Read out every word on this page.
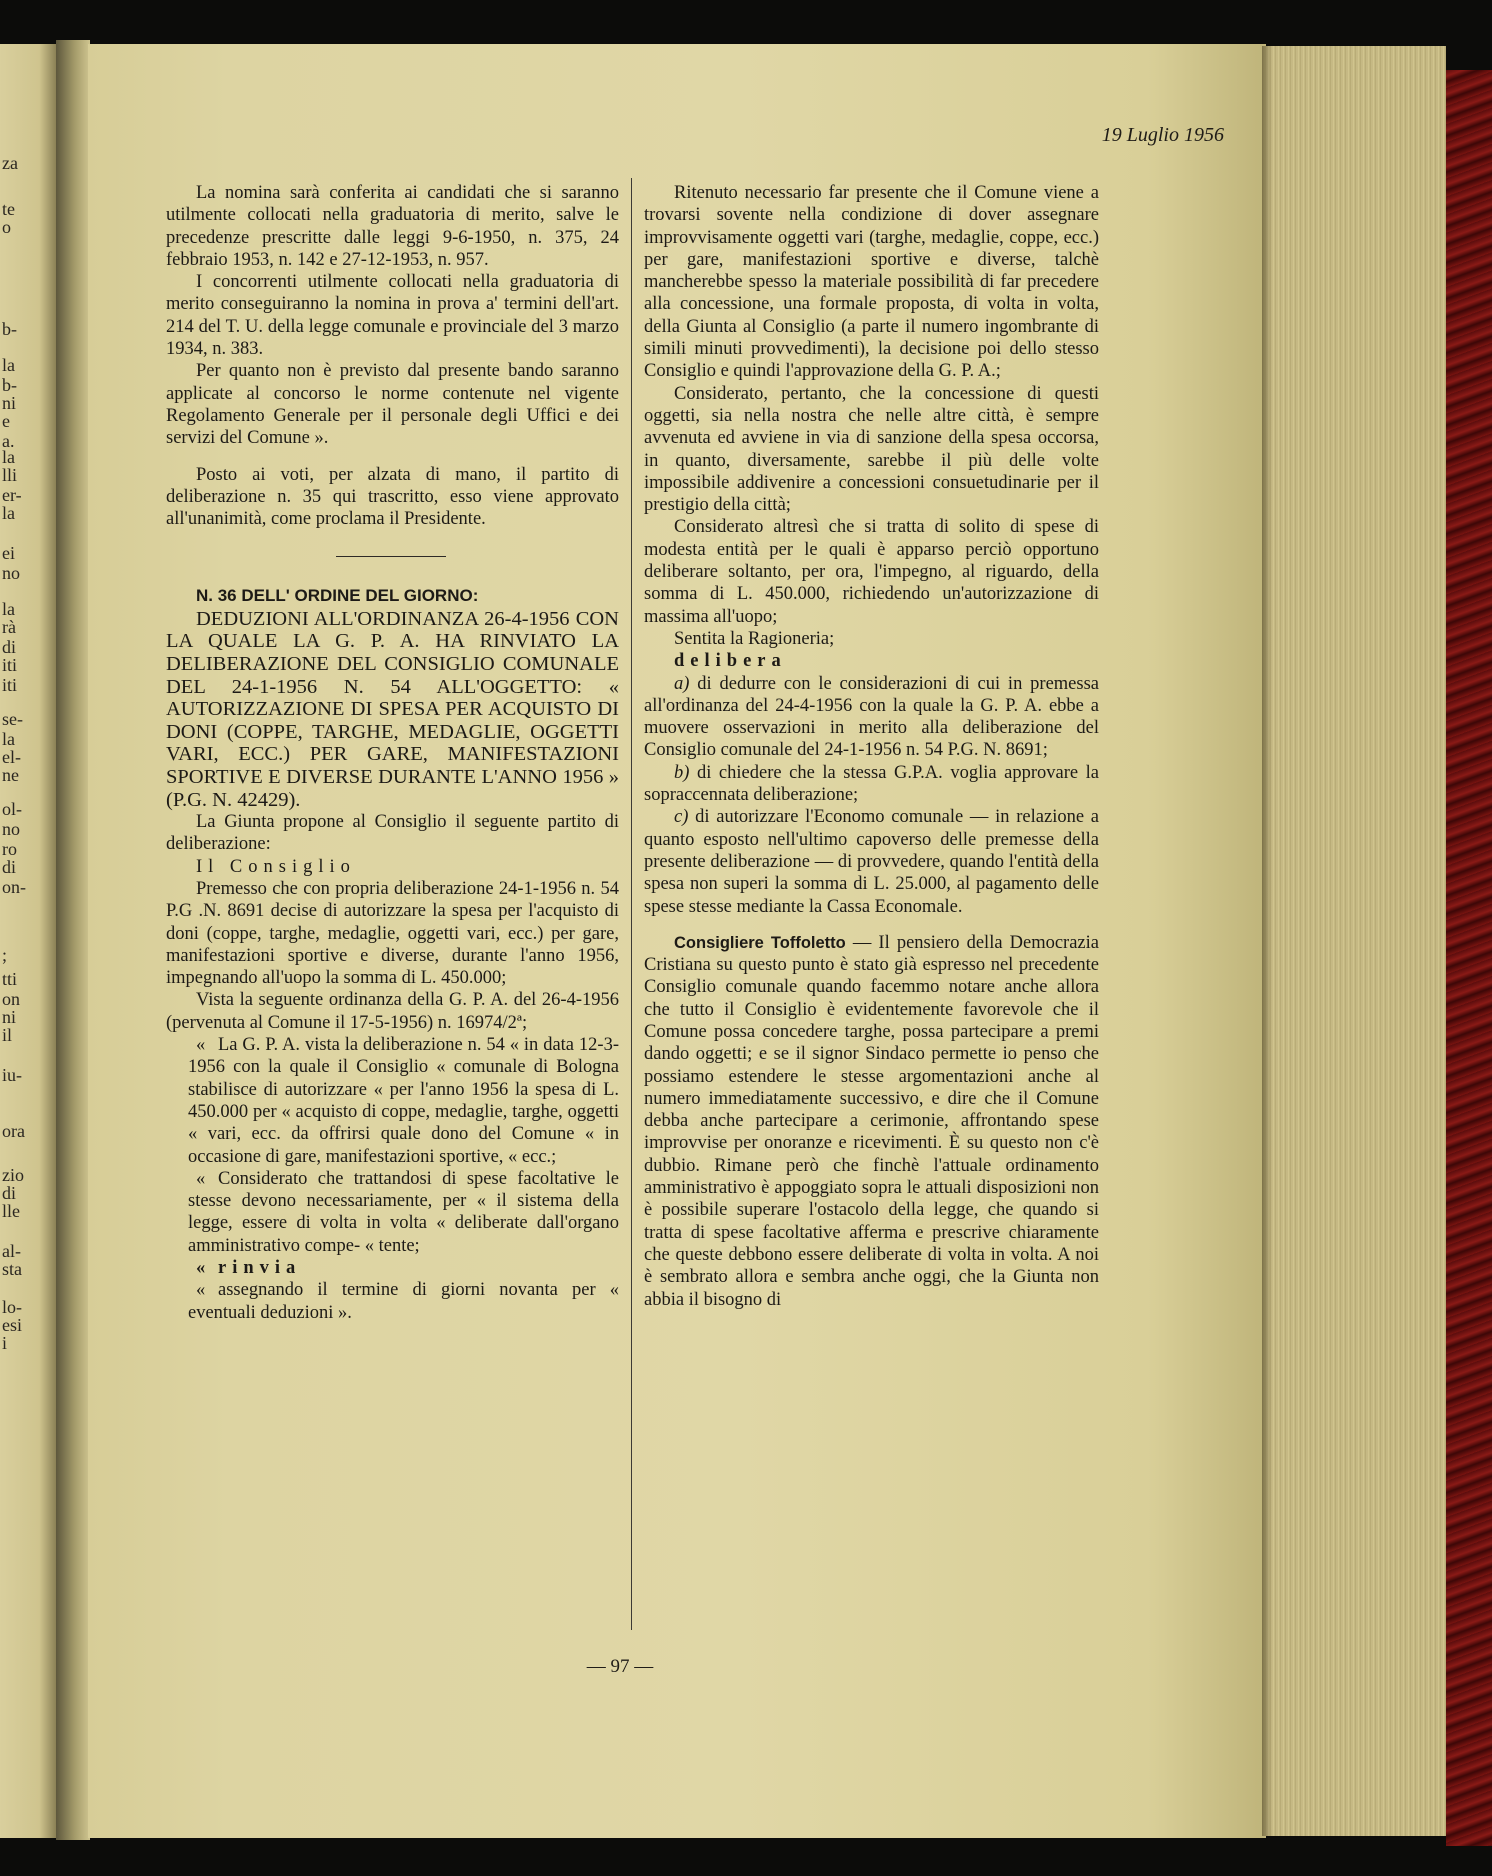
za
te
o
b-
la
b-
ni
e
a.
la
lli
er-
la
ei
no
la
rà
di
iti
iti
se-
la
el-
ne
ol-
no
ro
di
on-
;
tti
on
ni
il
iu-
ora
zio
di
lle
al-
sta
lo-
esi
i
19 Luglio 1956

La nomina sarà conferita ai candidati che si saranno utilmente collocati nella graduatoria di merito, salve le precedenze prescritte dalle leggi 9-6-1950, n. 375, 24 febbraio 1953, n. 142 e 27-12-1953, n. 957.

I concorrenti utilmente collocati nella graduatoria di merito conseguiranno la nomina in prova a' termini dell'art. 214 del T. U. della legge comunale e provinciale del 3 marzo 1934, n. 383.

Per quanto non è previsto dal presente bando saranno applicate al concorso le norme contenute nel vigente Regolamento Generale per il personale degli Uffici e dei servizi del Comune ».

Posto ai voti, per alzata di mano, il partito di deliberazione n. 35 qui trascritto, esso viene approvato all'unanimità, come proclama il Presidente.

N. 36 DELL' ORDINE DEL GIORNO:

DEDUZIONI ALL'ORDINANZA 26-4-1956 CON LA QUALE LA G. P. A. HA RINVIATO LA DELIBERAZIONE DEL CONSIGLIO COMUNALE DEL 24-1-1956 N. 54 ALL'OGGETTO: « AUTORIZZAZIONE DI SPESA PER ACQUISTO DI DONI (COPPE, TARGHE, MEDAGLIE, OGGETTI VARI, ECC.) PER GARE, MANIFESTAZIONI SPORTIVE E DIVERSE DURANTE L'ANNO 1956 » (P.G. N. 42429).

La Giunta propone al Consiglio il seguente partito di deliberazione:

Il Consiglio

Premesso che con propria deliberazione 24-1-1956 n. 54 P.G .N. 8691 decise di autorizzare la spesa per l'acquisto di doni (coppe, targhe, medaglie, oggetti vari, ecc.) per gare, manifestazioni sportive e diverse, durante l'anno 1956, impegnando all'uopo la somma di L. 450.000;

Vista la seguente ordinanza della G. P. A. del 26-4-1956 (pervenuta al Comune il 17-5-1956) n. 16974/2ª;

« La G. P. A. vista la deliberazione n. 54 « in data 12-3-1956 con la quale il Consiglio « comunale di Bologna stabilisce di autorizzare « per l'anno 1956 la spesa di L. 450.000 per « acquisto di coppe, medaglie, targhe, oggetti « vari, ecc. da offrirsi quale dono del Comune « in occasione di gare, manifestazioni sportive, « ecc.;

« Considerato che trattandosi di spese facoltative le stesse devono necessariamente, per « il sistema della legge, essere di volta in volta « deliberate dall'organo amministrativo compe- « tente;

« rinvia

« assegnando il termine di giorni novanta per « eventuali deduzioni ».

Ritenuto necessario far presente che il Comune viene a trovarsi sovente nella condizione di dover assegnare improvvisamente oggetti vari (targhe, medaglie, coppe, ecc.) per gare, manifestazioni sportive e diverse, talchè mancherebbe spesso la materiale possibilità di far precedere alla concessione, una formale proposta, di volta in volta, della Giunta al Consiglio (a parte il numero ingombrante di simili minuti provvedimenti), la decisione poi dello stesso Consiglio e quindi l'approvazione della G. P. A.;

Considerato, pertanto, che la concessione di questi oggetti, sia nella nostra che nelle altre città, è sempre avvenuta ed avviene in via di sanzione della spesa occorsa, in quanto, diversamente, sarebbe il più delle volte impossibile addivenire a concessioni consuetudinarie per il prestigio della città;

Considerato altresì che si tratta di solito di spese di modesta entità per le quali è apparso perciò opportuno deliberare soltanto, per ora, l'impegno, al riguardo, della somma di L. 450.000, richiedendo un'autorizzazione di massima all'uopo;

Sentita la Ragioneria;

delibera

a) di dedurre con le considerazioni di cui in premessa all'ordinanza del 24-4-1956 con la quale la G. P. A. ebbe a muovere osservazioni in merito alla deliberazione del Consiglio comunale del 24-1-1956 n. 54 P.G. N. 8691;

b) di chiedere che la stessa G.P.A. voglia approvare la sopraccennata deliberazione;

c) di autorizzare l'Economo comunale — in relazione a quanto esposto nell'ultimo capoverso delle premesse della presente deliberazione — di provvedere, quando l'entità della spesa non superi la somma di L. 25.000, al pagamento delle spese stesse mediante la Cassa Economale.

Consigliere Toffoletto — Il pensiero della Democrazia Cristiana su questo punto è stato già espresso nel precedente Consiglio comunale quando facemmo notare anche allora che tutto il Consiglio è evidentemente favorevole che il Comune possa concedere targhe, possa partecipare a premi dando oggetti; e se il signor Sindaco permette io penso che possiamo estendere le stesse argomentazioni anche al numero immediatamente successivo, e dire che il Comune debba anche partecipare a cerimonie, affrontando spese improvvise per onoranze e ricevimenti. È su questo non c'è dubbio. Rimane però che finchè l'attuale ordinamento amministrativo è appoggiato sopra le attuali disposizioni non è possibile superare l'ostacolo della legge, che quando si tratta di spese facoltative afferma e prescrive chiaramente che queste debbono essere deliberate di volta in volta. A noi è sembrato allora e sembra anche oggi, che la Giunta non abbia il bisogno di

— 97 —
